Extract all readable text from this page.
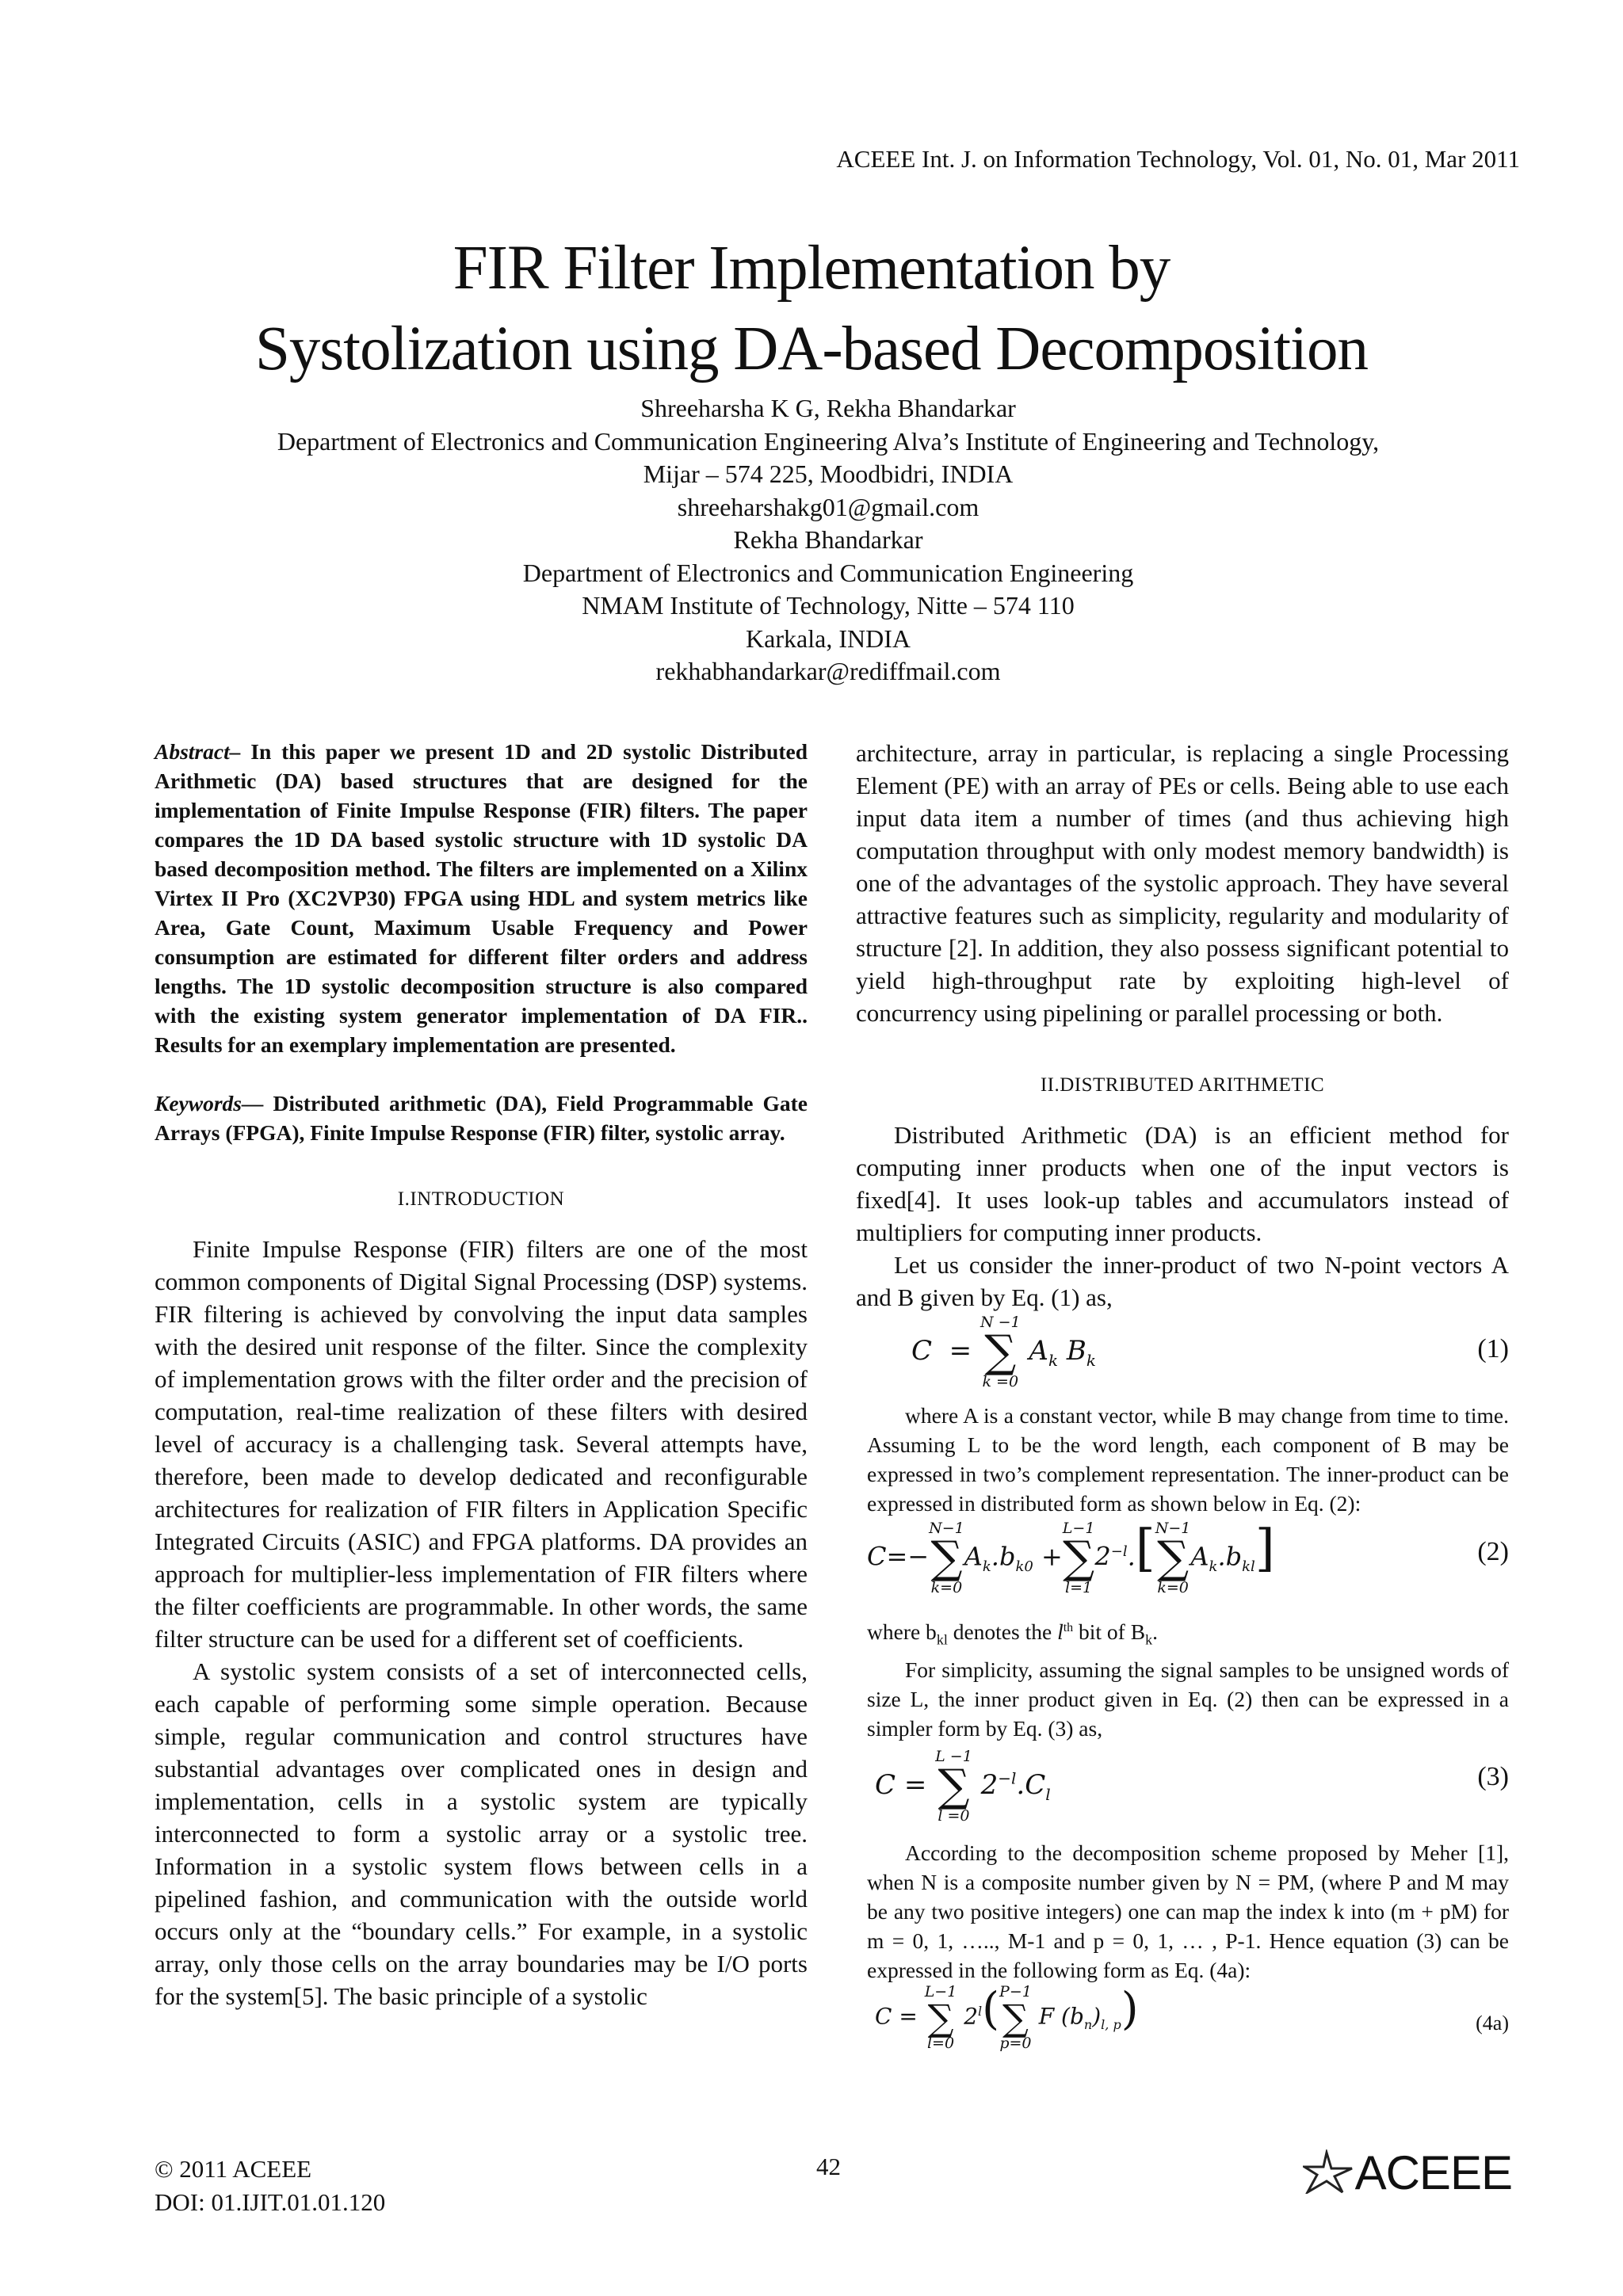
ACEEE Int. J. on Information Technology, Vol. 01, No. 01, Mar 2011
FIR Filter Implementation by
Systolization using DA-based Decomposition
Shreeharsha K G, Rekha Bhandarkar
Department of Electronics and Communication Engineering Alva’s Institute of Engineering and Technology,
Mijar – 574 225, Moodbidri, INDIA
shreeharshakg01@gmail.com
Rekha Bhandarkar
Department of Electronics and Communication Engineering
NMAM Institute of Technology, Nitte – 574 110
Karkala, INDIA
rekhabhandarkar@rediffmail.com

Abstract– In this paper we present 1D and 2D systolic Distributed Arithmetic (DA) based structures that are designed for the implementation of Finite Impulse Response (FIR) filters. The paper compares the 1D DA based systolic structure with 1D systolic DA based decomposition method. The filters are implemented on a Xilinx Virtex II Pro (XC2VP30) FPGA using HDL and system metrics like Area, Gate Count, Maximum Usable Frequency and Power consumption are estimated for different filter orders and address lengths. The 1D systolic decomposition structure is also compared with the existing system generator implementation of DA FIR.. Results for an exemplary implementation are presented.

Keywords— Distributed arithmetic (DA), Field Programmable Gate Arrays (FPGA), Finite Impulse Response (FIR) filter, systolic array.

I.INTRODUCTION

Finite Impulse Response (FIR) filters are one of the most common components of Digital Signal Processing (DSP) systems. FIR filtering is achieved by convolving the input data samples with the desired unit response of the filter. Since the complexity of implementation grows with the filter order and the precision of computation, real-time realization of these filters with desired level of accuracy is a challenging task. Several attempts have, therefore, been made to develop dedicated and reconfigurable architectures for realization of FIR filters in Application Specific Integrated Circuits (ASIC) and FPGA platforms. DA provides an approach for multiplier-less implementation of FIR filters where the filter coefficients are programmable. In other words, the same filter structure can be used for a different set of coefficients.

A systolic system consists of a set of interconnected cells, each capable of performing some simple operation. Because simple, regular communication and control structures have substantial advantages over complicated ones in design and implementation, cells in a systolic system are typically interconnected to form a systolic array or a systolic tree. Information in a systolic system flows between cells in a pipelined fashion, and communication with the outside world occurs only at the “boundary cells.” For example, in a systolic array, only those cells on the array boundaries may be I/O ports for the system[5]. The basic principle of a systolic

architecture, array in particular, is replacing a single Processing Element (PE) with an array of PEs or cells. Being able to use each input data item a number of times (and thus achieving high computation throughput with only modest memory bandwidth) is one of the advantages of the systolic approach. They have several attractive features such as simplicity, regularity and modularity of structure [2]. In addition, they also possess significant potential to yield high-throughput rate by exploiting high-level of concurrency using pipelining or parallel processing or both.

II.DISTRIBUTED ARITHMETIC

Distributed Arithmetic (DA) is an efficient method for computing inner products when one of the input vectors is fixed[4]. It uses look-up tables and accumulators instead of multipliers for computing inner products.

Let us consider the inner-product of two N-point vectors A and B given by Eq. (1) as,

C  =
N −1
∑
k =0
$A_k$ $B_k$	(1)

where A is a constant vector, while B may change from time to time. Assuming L to be the word length, each component of B may be expressed in two’s complement representation. The inner-product can be expressed in distributed form as shown below in Eq. (2):

C=−
N−1
∑
k=0
$A_k.b_{k0}$ +
L−1
∑
l=1
$2^{-l}$.[ N−1
∑
k=0
$A_k.b_{kl}$]	(2)

where $b_{kl}$ denotes the $l^{th}$ bit of $B_k$.

For simplicity, assuming the signal samples to be unsigned words of size L, the inner product given in Eq. (2) then can be expressed in a simpler form by Eq. (3) as,

C =
L −1
∑
l =0
$2^{-l}.C_l$
(3)

According to the decomposition scheme proposed by Meher [1], when N is a composite number given by N = PM, (where P and M may be any two positive integers) one can map the index k into (m + pM) for m = 0, 1, ….., M-1 and p = 0, 1, … , P-1. Hence equation (3) can be expressed in the following form as Eq. (4a):

C =
L−1
∑
l=0
2$^l$( P−1
∑
p=0
F $(b_n)_{l, p}$)	(4a)
© 2011 ACEEE
DOI: 01.IJIT.01.01.120
42	ACEEE
